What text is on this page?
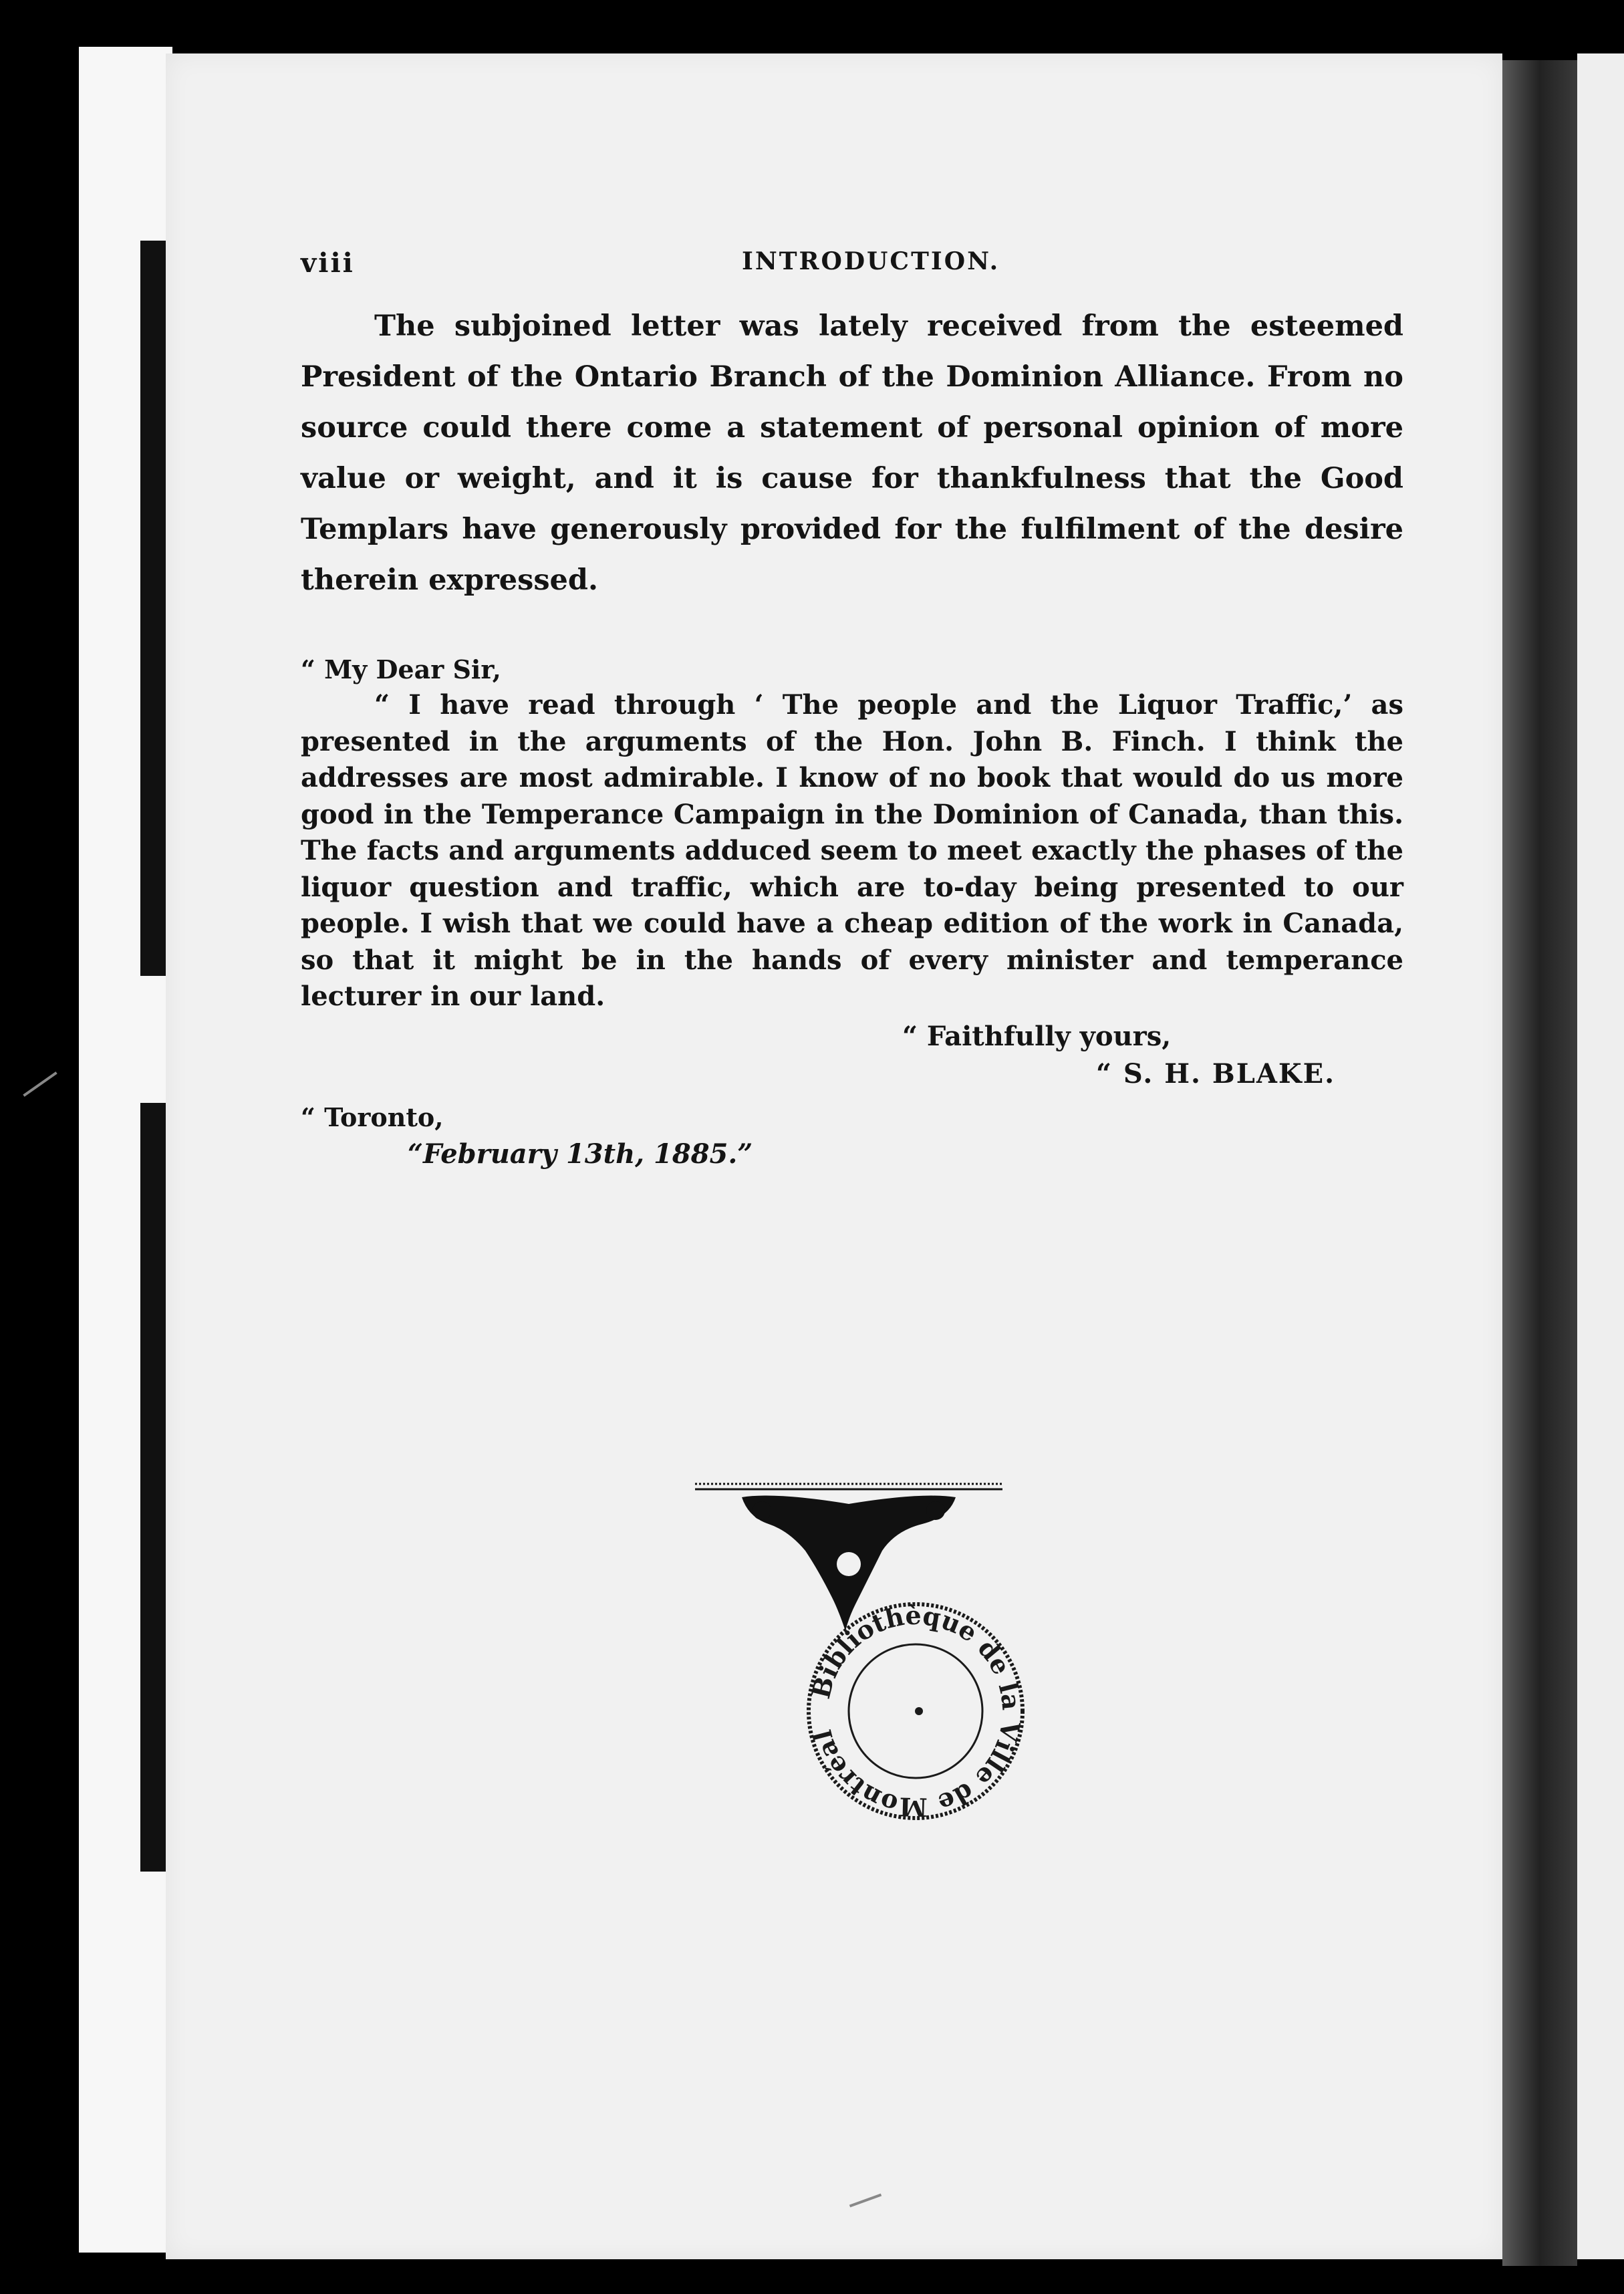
viii	INTRODUCTION.

The subjoined letter was lately received from the esteemed President of the Ontario Branch of the Dominion Alliance. From no source could there come a statement of personal opinion of more value or weight, and it is cause for thankfulness that the Good Templars have generously provided for the fulfilment of the desire therein expressed.

“ My Dear Sir,

“ I have read through ‘ The people and the Liquor Traffic,’ as presented in the arguments of the Hon. John B. Finch. I think the addresses are most admirable. I know of no book that would do us more good in the Temperance Campaign in the Dominion of Canada, than this. The facts and arguments adduced seem to meet exactly the phases of the liquor question and traffic, which are to-day being presented to our people. I wish that we could have a cheap edition of the work in Canada, so that it might be in the hands of every minister and temperance lecturer in our land.

“ Faithfully yours,
“ S. H. BLAKE.
“ Toronto,
“February 13th, 1885.”
Bibliothèque de la Ville de Montréal
